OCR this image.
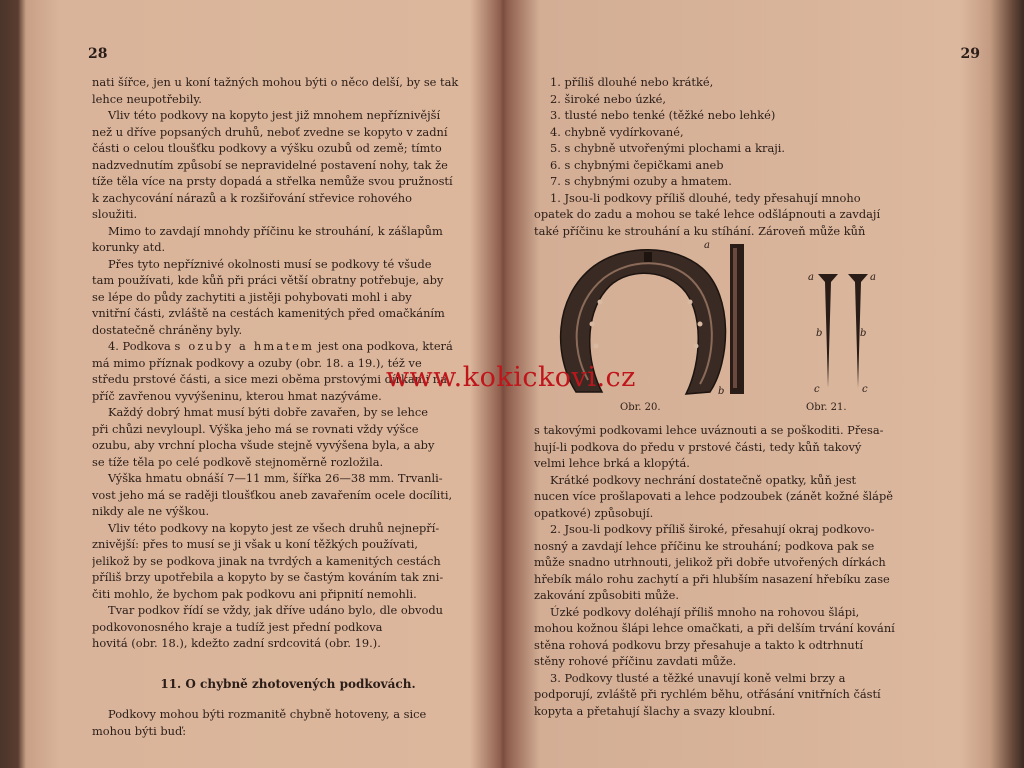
28
nati šířce, jen u koní tažných mohou býti o něco delší, by se tak
lehce neupotřebily.
Vliv této podkovy na kopyto jest již mnohem nepříznivější
než u dříve popsaných druhů, neboť zvedne se kopyto v zadní
části o celou tloušťku podkovy a výšku ozubů od země; tímto
nadzvednutím způsobí se nepravidelné postavení nohy, tak že
tíže těla více na prsty dopadá a střelka nemůže svou pružností
k zachycování nárazů a k rozšiřování střevice rohového
sloužiti.
Mimo to zavdají mnohdy příčinu ke strouhání, k zášlapům
korunky atd.
Přes tyto nepříznivé okolnosti musí se podkovy té všude
tam používati, kde kůň při práci větší obratny potřebuje, aby
se lépe do půdy zachytiti a jistěji pohybovati mohl i aby
vnitřní části, zvláště na cestách kamenitých před omačkáním
dostatečně chráněny byly.
4. Podkova s ozuby a hmatem jest ona podkova, která
má mimo příznak podkovy a ozuby (obr. 18. a 19.), též ve
středu prstové části, a sice mezi oběma prstovými dírkami na
příč zavřenou vyvýšeninu, kterou hmat nazýváme.
Každý dobrý hmat musí býti dobře zavařen, by se lehce
při chůzi nevyloupl. Výška jeho má se rovnati vždy výšce
ozubu, aby vrchní plocha všude stejně vyvýšena byla, a aby
se tíže těla po celé podkově stejnoměrně rozložila.
Výška hmatu obnáší 7—11 mm, šířka 26—38 mm. Trvanli-
vost jeho má se raději tloušťkou aneb zavařením ocele docíliti,
nikdy ale ne výškou.
Vliv této podkovy na kopyto jest ze všech druhů nejnepří-
znivější: přes to musí se ji však u koní těžkých používati,
jelikož by se podkova jinak na tvrdých a kamenitých cestách
příliš brzy upotřebila a kopyto by se častým kováním tak zni-
čiti mohlo, že bychom pak podkovu ani připnití nemohli.
Tvar podkov řídí se vždy, jak dříve udáno bylo, dle obvodu
podkovonosného kraje a tudíž jest přední podkova
hovitá (obr. 18.), kdežto zadní srdcovitá (obr. 19.).
11. O chybně zhotovených podkovách.
Podkovy mohou býti rozmanitě chybně hotoveny, a sice
mohou býti buď:
29
1. příliš dlouhé nebo krátké,
2. široké nebo úzké,
3. tlusté nebo tenké (těžké nebo lehké)
4. chybně vydírkované,
5. s chybně utvořenými plochami a kraji.
6. s chybnými čepičkami aneb
7. s chybnými ozuby a hmatem.
1. Jsou-li podkovy příliš dlouhé, tedy přesahují mnoho
opatek do zadu a mohou se také lehce odšlápnouti a zavdají
také příčinu ke strouhání a ku stíhání. Zároveň může kůň
a
a	a
b	b
b	c	c
Obr. 20.	Obr. 21.
s takovými podkovami lehce uváznouti a se poškoditi. Přesa-
hují-li podkova do předu v prstové části, tedy kůň takový
velmi lehce brká a klopýtá.
Krátké podkovy nechrání dostatečně opatky, kůň jest
nucen více prošlapovati a lehce podzoubek (zánět kožné šlápě
opatkové) způsobují.
2. Jsou-li podkovy příliš široké, přesahují okraj podkovo-
nosný a zavdají lehce příčinu ke strouhání; podkova pak se
může snadno utrhnouti, jelikož při dobře utvořených dírkách
hřebík málo rohu zachytí a při hlubším nasazení hřebíku zase
zakování způsobiti může.
Úzké podkovy doléhají příliš mnoho na rohovou šlápi,
mohou kožnou šlápi lehce omačkati, a při delším trvání kování
stěna rohová podkovu brzy přesahuje a takto k odtrhnutí
stěny rohové příčinu zavdati může.
3. Podkovy tlusté a těžké unavují koně velmi brzy a
podporují, zvláště při rychlém běhu, otřásání vnitřních částí
kopyta a přetahují šlachy a svazy kloubní.
www.kokickovi.cz
